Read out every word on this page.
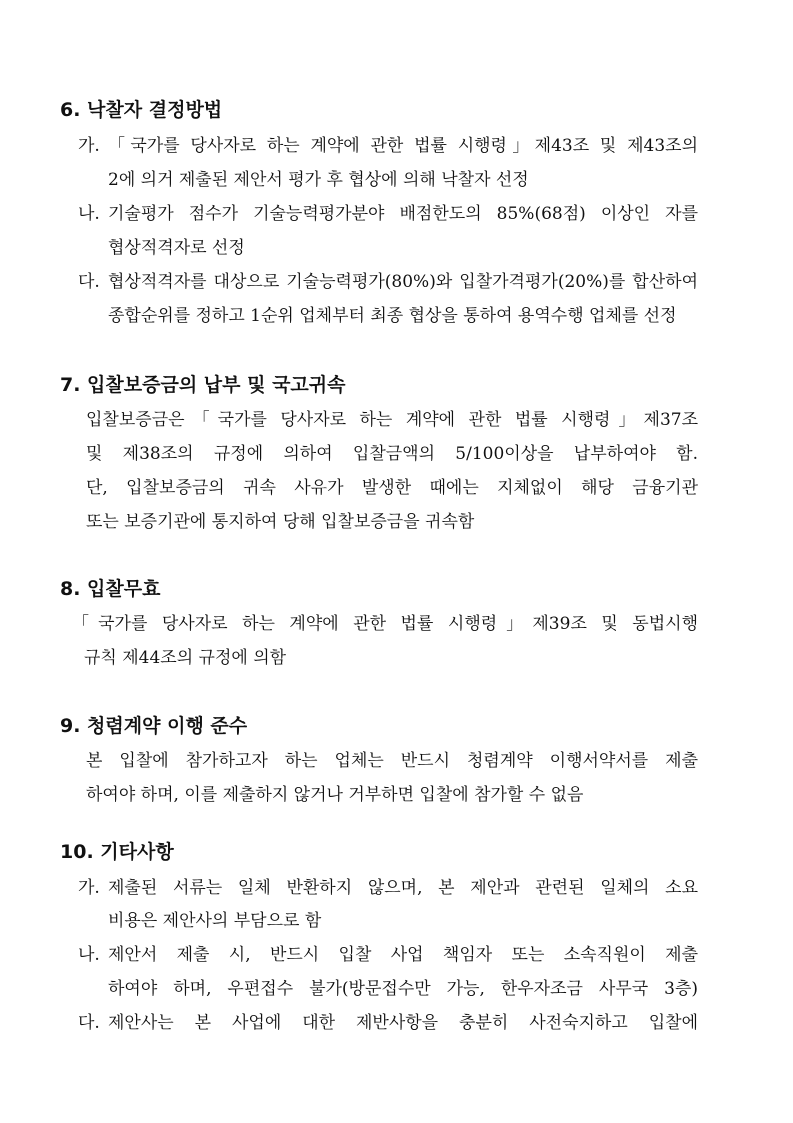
6. 낙찰자 결정방법
가. 「국가를 당사자로 하는 계약에 관한 법률 시행령」제43조 및 제43조의
2에 의거 제출된 제안서 평가 후 협상에 의해 낙찰자 선정
나. 기술평가 점수가 기술능력평가분야 배점한도의 85%(68점) 이상인 자를
협상적격자로 선정
다. 협상적격자를 대상으로 기술능력평가(80%)와 입찰가격평가(20%)를 합산하여
종합순위를 정하고 1순위 업체부터 최종 협상을 통하여 용역수행 업체를 선정
7. 입찰보증금의 납부 및 국고귀속
입찰보증금은「국가를 당사자로 하는 계약에 관한 법률 시행령」제37조
및 제38조의 규정에 의하여 입찰금액의 5/100이상을 납부하여야 함.
단, 입찰보증금의 귀속 사유가 발생한 때에는 지체없이 해당 금융기관
또는 보증기관에 통지하여 당해 입찰보증금을 귀속함
8. 입찰무효
「국가를 당사자로 하는 계약에 관한 법률 시행령」제39조 및 동법시행
규칙 제44조의 규정에 의함
9. 청렴계약 이행 준수
본 입찰에 참가하고자 하는 업체는 반드시 청렴계약 이행서약서를 제출
하여야 하며, 이를 제출하지 않거나 거부하면 입찰에 참가할 수 없음
10. 기타사항
가. 제출된 서류는 일체 반환하지 않으며, 본 제안과 관련된 일체의 소요
비용은 제안사의 부담으로 함
나. 제안서 제출 시, 반드시 입찰 사업 책임자 또는 소속직원이 제출
하여야 하며, 우편접수 불가(방문접수만 가능, 한우자조금 사무국 3층)
다. 제안사는 본 사업에 대한 제반사항을 충분히 사전숙지하고 입찰에
